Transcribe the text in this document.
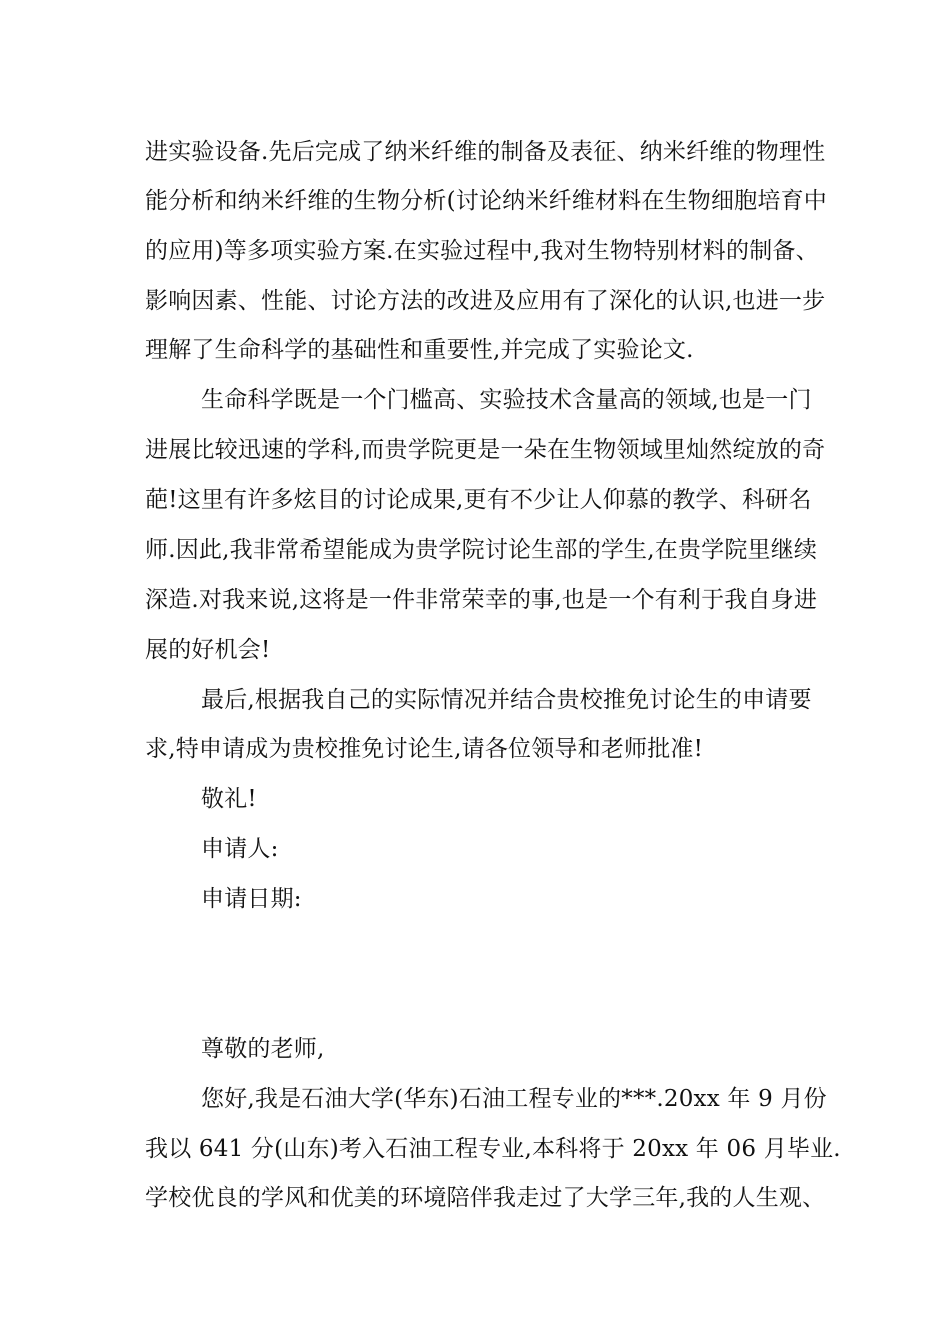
进实验设备.先后完成了纳米纤维的制备及表征、纳米纤维的物理性
能分析和纳米纤维的生物分析(讨论纳米纤维材料在生物细胞培育中
的应用)等多项实验方案.在实验过程中,我对生物特别材料的制备、
影响因素、性能、讨论方法的改进及应用有了深化的认识,也进一步
理解了生命科学的基础性和重要性,并完成了实验论文.
生命科学既是一个门槛高、实验技术含量高的领域,也是一门
进展比较迅速的学科,而贵学院更是一朵在生物领域里灿然绽放的奇
葩!这里有许多炫目的讨论成果,更有不少让人仰慕的教学、科研名
师.因此,我非常希望能成为贵学院讨论生部的学生,在贵学院里继续
深造.对我来说,这将是一件非常荣幸的事,也是一个有利于我自身进
展的好机会!
最后,根据我自己的实际情况并结合贵校推免讨论生的申请要
求,特申请成为贵校推免讨论生,请各位领导和老师批准!
敬礼!
申请人:
申请日期:
尊敬的老师,
您好,我是石油大学(华东)石油工程专业的***.20xx 年 9 月份
我以 641 分(山东)考入石油工程专业,本科将于 20xx 年 06 月毕业.
学校优良的学风和优美的环境陪伴我走过了大学三年,我的人生观、
